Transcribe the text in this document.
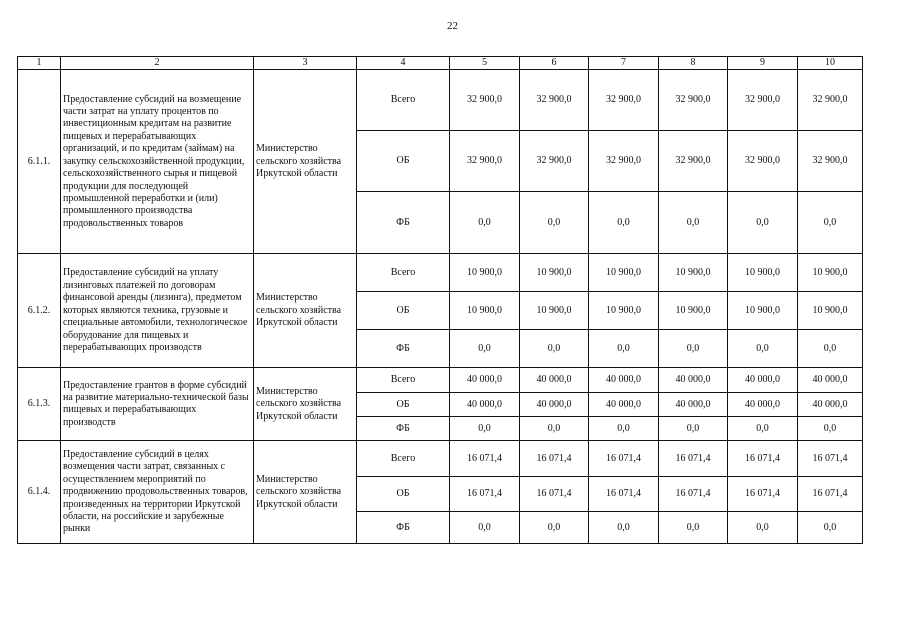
22
1	2	3	4	5	6	7	8	9	10
6.1.1.	Предоставление субсидий на возмещение части затрат на уплату процентов по инвестиционным кредитам на развитие пищевых и перерабатывающих организаций, и по кредитам (займам) на закупку сельскохозяйственной продукции, сельскохозяйственного сырья и пищевой продукции для последующей промышленной переработки и (или) промышленного производства продовольственных товаров	Министерство сельского хозяйства Иркутской области	Всего	32 900,0	32 900,0	32 900,0	32 900,0	32 900,0	32 900,0
			ОБ	32 900,0	32 900,0	32 900,0	32 900,0	32 900,0	32 900,0
			ФБ	0,0	0,0	0,0	0,0	0,0	0,0
6.1.2.	Предоставление субсидий на уплату лизинговых платежей по договорам финансовой аренды (лизинга), предметом которых являются техника, грузовые и специальные автомобили, технологическое оборудование для пищевых и перерабатывающих производств	Министерство сельского хозяйства Иркутской области	Всего	10 900,0	10 900,0	10 900,0	10 900,0	10 900,0	10 900,0
			ОБ	10 900,0	10 900,0	10 900,0	10 900,0	10 900,0	10 900,0
			ФБ	0,0	0,0	0,0	0,0	0,0	0,0
6.1.3.	Предоставление грантов в форме субсидий на развитие материально-технической базы пищевых и перерабатывающих производств	Министерство сельского хозяйства Иркутской области	Всего	40 000,0	40 000,0	40 000,0	40 000,0	40 000,0	40 000,0
			ОБ	40 000,0	40 000,0	40 000,0	40 000,0	40 000,0	40 000,0
			ФБ	0,0	0,0	0,0	0,0	0,0	0,0
6.1.4.	Предоставление субсидий в целях возмещения части затрат, связанных с осуществлением мероприятий по продвижению продовольственных товаров, произведенных на территории Иркутской области, на российские и зарубежные рынки	Министерство сельского хозяйства Иркутской области	Всего	16 071,4	16 071,4	16 071,4	16 071,4	16 071,4	16 071,4
			ОБ	16 071,4	16 071,4	16 071,4	16 071,4	16 071,4	16 071,4
			ФБ	0,0	0,0	0,0	0,0	0,0	0,0
